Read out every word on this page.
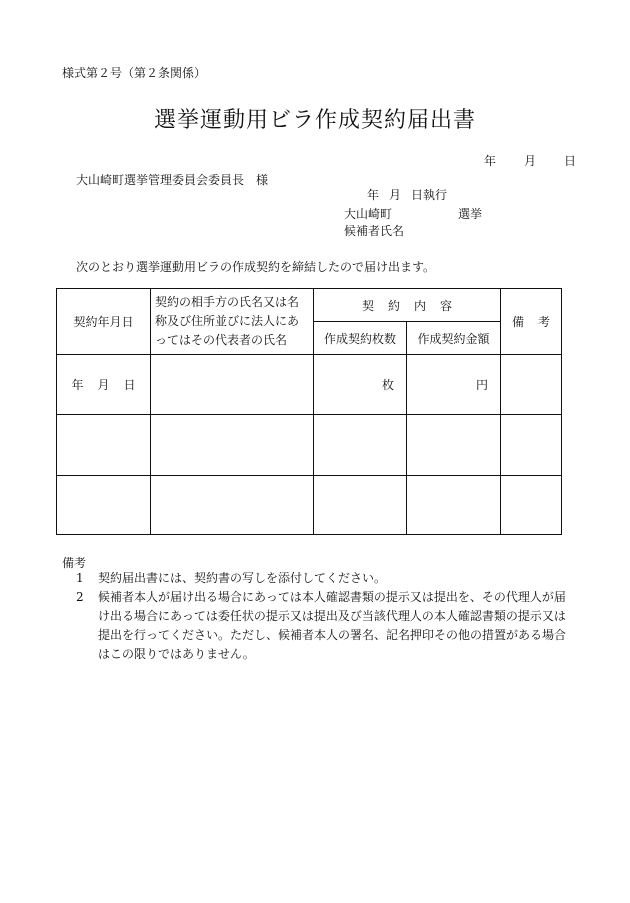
様式第２号（第２条関係）
選挙運動用ビラ作成契約届出書
年 月 日
大山崎町選挙管理委員会委員長　様
年 月 日執行
大山崎町	選挙
候補者氏名
次のとおり選挙運動用ビラの作成契約を締結したので届け出ます。
契約年月日	契約の相手方の氏名又は名称及び住所並びに法人にあってはその代表者の氏名	契 約 内 容		備 考
		作成契約枚数	作成契約金額	
年 月 日		枚	円	

備考
1 契約届出書には、契約書の写しを添付してください。
2 候補者本人が届け出る場合にあっては本人確認書類の提示又は提出を、その代理人が届け出る場合にあっては委任状の提示又は提出及び当該代理人の本人確認書類の提示又は提出を行ってください。ただし、候補者本人の署名、記名押印その他の措置がある場合はこの限りではありません。
